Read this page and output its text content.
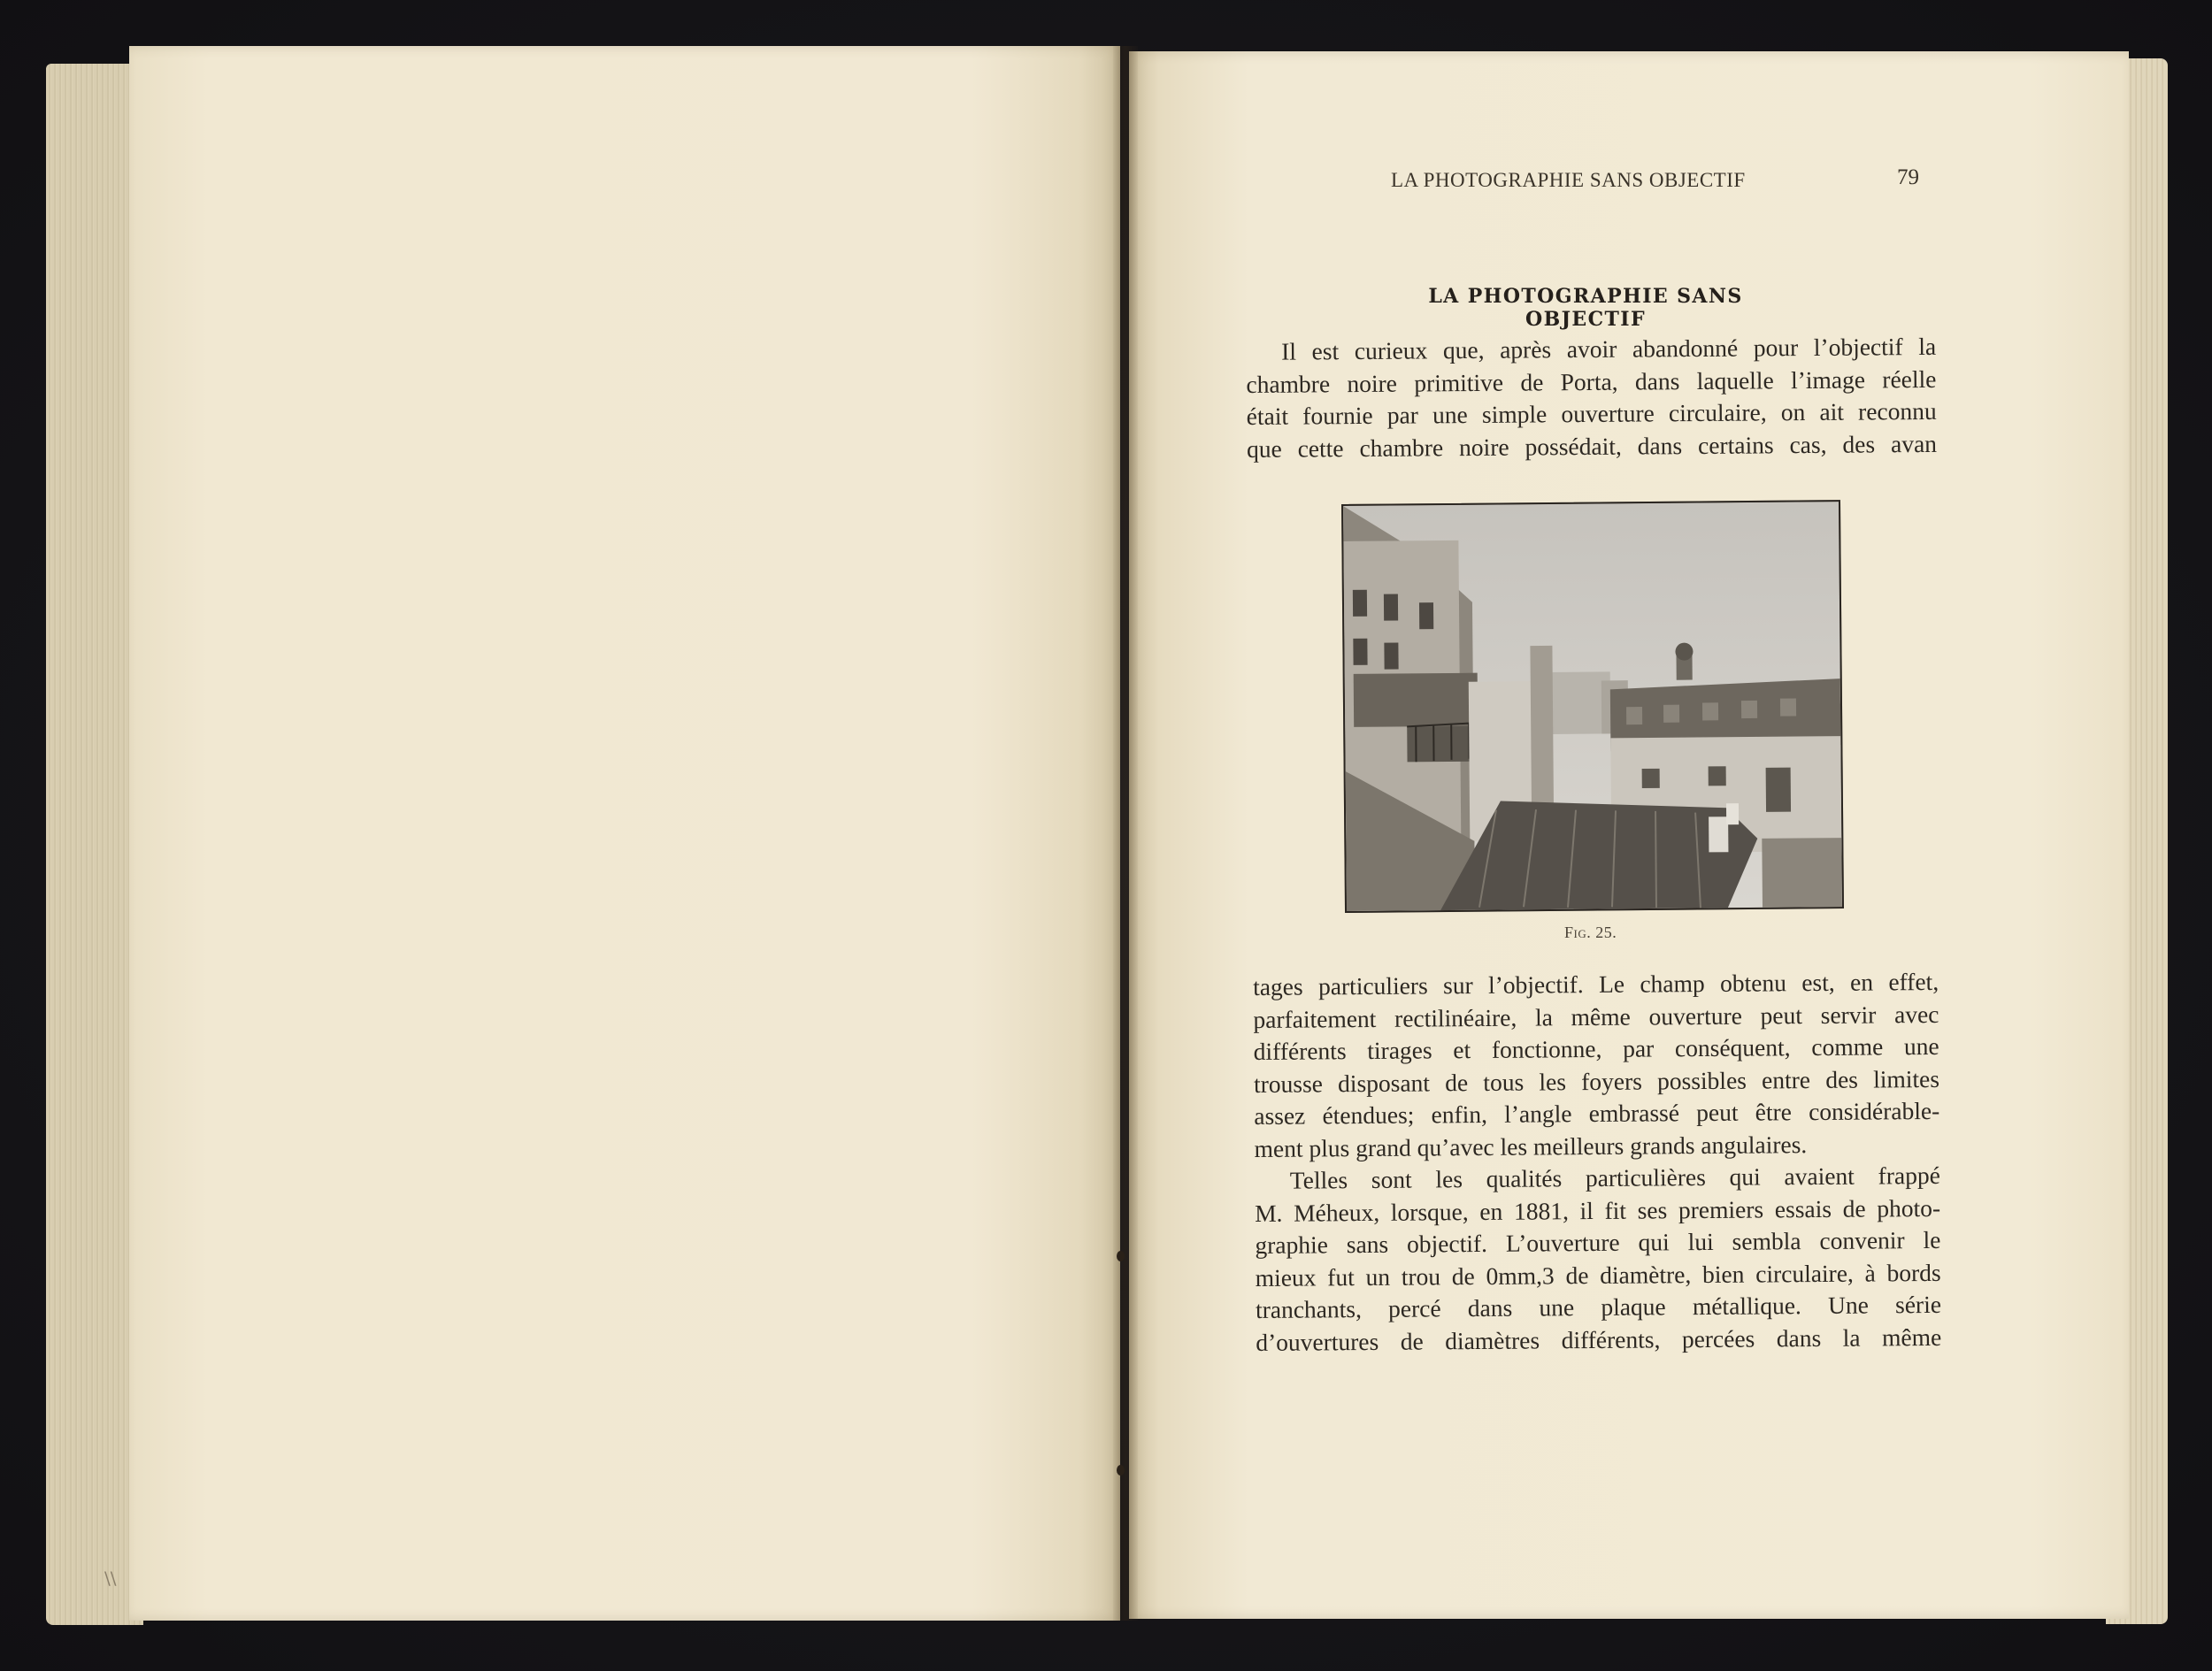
\\
LA PHOTOGRAPHIE SANS OBJECTIF	79
LA PHOTOGRAPHIE SANS OBJECTIF
Il est curieux que, après avoir abandonné pour l’objectif la
chambre noire primitive de Porta, dans laquelle l’image réelle
était fournie par une simple ouverture circulaire, on ait reconnu
que cette chambre noire possédait, dans certains cas, des avan
FIG. 25.
tages particuliers sur l’objectif. Le champ obtenu est, en effet,
parfaitement rectilinéaire, la même ouverture peut servir avec
différents tirages et fonctionne, par conséquent, comme une
trousse disposant de tous les foyers possibles entre des limites
assez étendues; enfin, l’angle embrassé peut être considérable-
ment plus grand qu’avec les meilleurs grands angulaires.
Telles sont les qualités particulières qui avaient frappé
M. Méheux, lorsque, en 1881, il fit ses premiers essais de photo-
graphie sans objectif. L’ouverture qui lui sembla convenir le
mieux fut un trou de 0mm,3 de diamètre, bien circulaire, à bords
tranchants, percé dans une plaque métallique. Une série
d’ouvertures de diamètres différents, percées dans la même
